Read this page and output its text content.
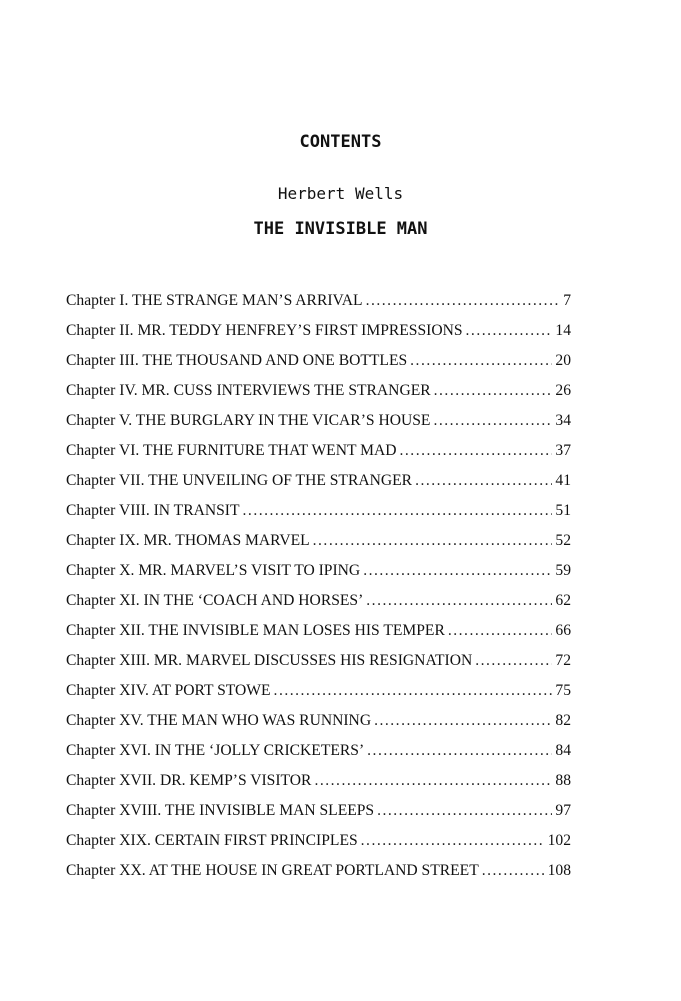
CONTENTS
Herbert Wells
THE INVISIBLE MAN
Chapter I. THE STRANGE MAN’S ARRIVAL . . .	7
Chapter II. MR. TEDDY HENFREY’S FIRST IMPRESSIONS . . .	14
Chapter III. THE THOUSAND AND ONE BOTTLES . . .	20
Chapter IV. MR. CUSS INTERVIEWS THE STRANGER . . .	26
Chapter V. THE BURGLARY IN THE VICAR’S HOUSE . . .	34
Chapter VI. THE FURNITURE THAT WENT MAD . . .	37
Chapter VII. THE UNVEILING OF THE STRANGER . . .	41
Chapter VIII. IN TRANSIT . . .	51
Chapter IX. MR. THOMAS MARVEL . . .	52
Chapter X. MR. MARVEL’S VISIT TO IPING . . .	59
Chapter XI. IN THE ‘COACH AND HORSES’ . . .	62
Chapter XII. THE INVISIBLE MAN LOSES HIS TEMPER . . .	66
Chapter XIII. MR. MARVEL DISCUSSES HIS RESIGNATION . . .	72
Chapter XIV. AT PORT STOWE . . .	75
Chapter XV. THE MAN WHO WAS RUNNING . . .	82
Chapter XVI. IN THE ‘JOLLY CRICKETERS’ . . .	84
Chapter XVII. DR. KEMP’S VISITOR . . .	88
Chapter XVIII. THE INVISIBLE MAN SLEEPS . . .	97
Chapter XIX. CERTAIN FIRST PRINCIPLES . . .	102
Chapter XX. AT THE HOUSE IN GREAT PORTLAND STREET . . .	108
